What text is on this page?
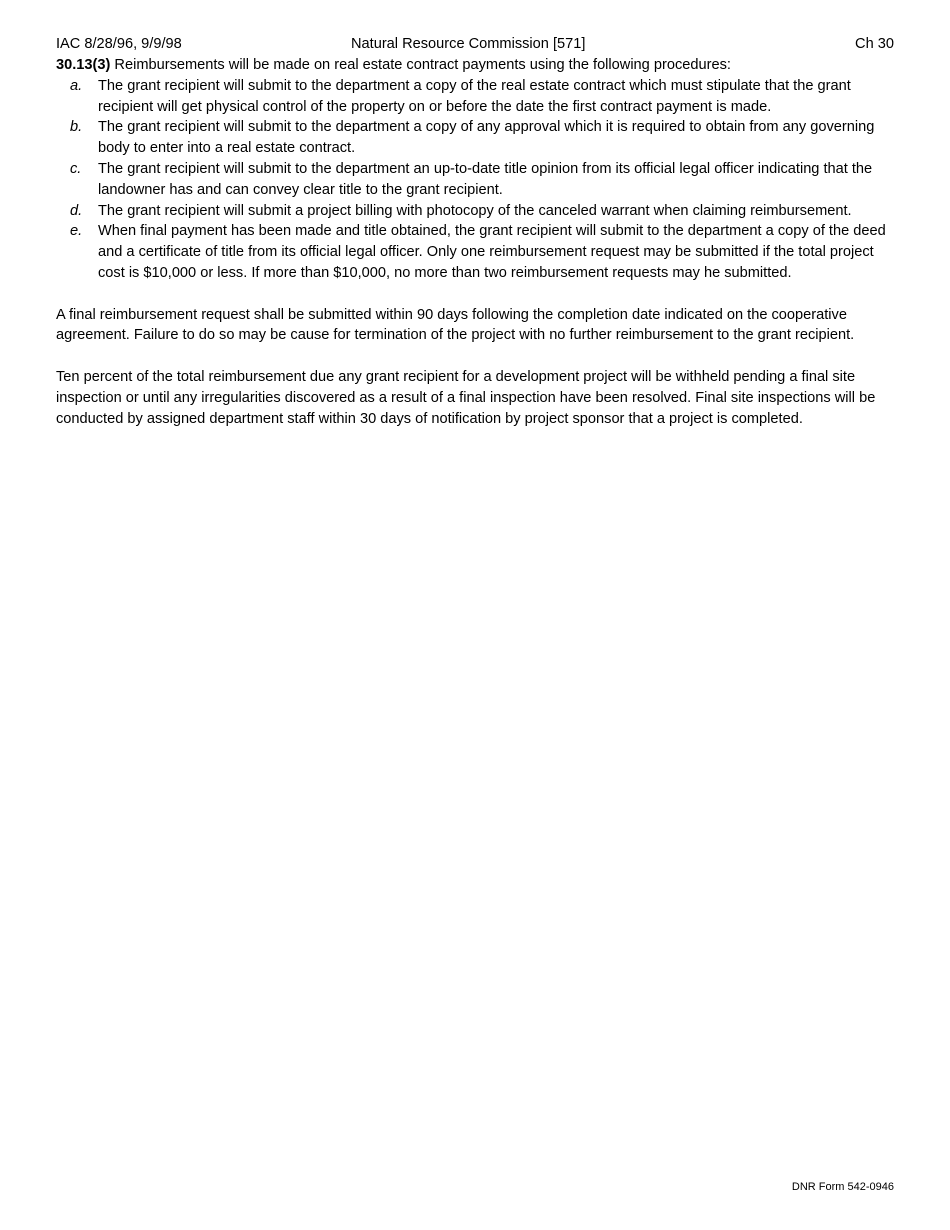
IAC 8/28/96, 9/9/98	Natural Resource Commission [571]	Ch 30

30.13(3) Reimbursements will be made on real estate contract payments using the following procedures:

a. The grant recipient will submit to the department a copy of the real estate contract which must stipulate that the grant recipient will get physical control of the property on or before the date the first contract payment is made.
b. The grant recipient will submit to the department a copy of any approval which it is required to obtain from any governing body to enter into a real estate contract.
c. The grant recipient will submit to the department an up-to-date title opinion from its official legal officer indicating that the landowner has and can convey clear title to the grant recipient.
d. The grant recipient will submit a project billing with photocopy of the canceled warrant when claiming reimbursement.
e. When final payment has been made and title obtained, the grant recipient will submit to the department a copy of the deed and a certificate of title from its official legal officer. Only one reimbursement request may be submitted if the total project cost is $10,000 or less. If more than $10,000, no more than two reimbursement requests may he submitted.

A final reimbursement request shall be submitted within 90 days following the completion date indicated on the cooperative agreement. Failure to do so may be cause for termination of the project with no further reimbursement to the grant recipient.

Ten percent of the total reimbursement due any grant recipient for a development project will be withheld pending a final site inspection or until any irregularities discovered as a result of a final inspection have been resolved. Final site inspections will be conducted by assigned department staff within 30 days of notification by project sponsor that a project is completed.

DNR Form 542-0946
